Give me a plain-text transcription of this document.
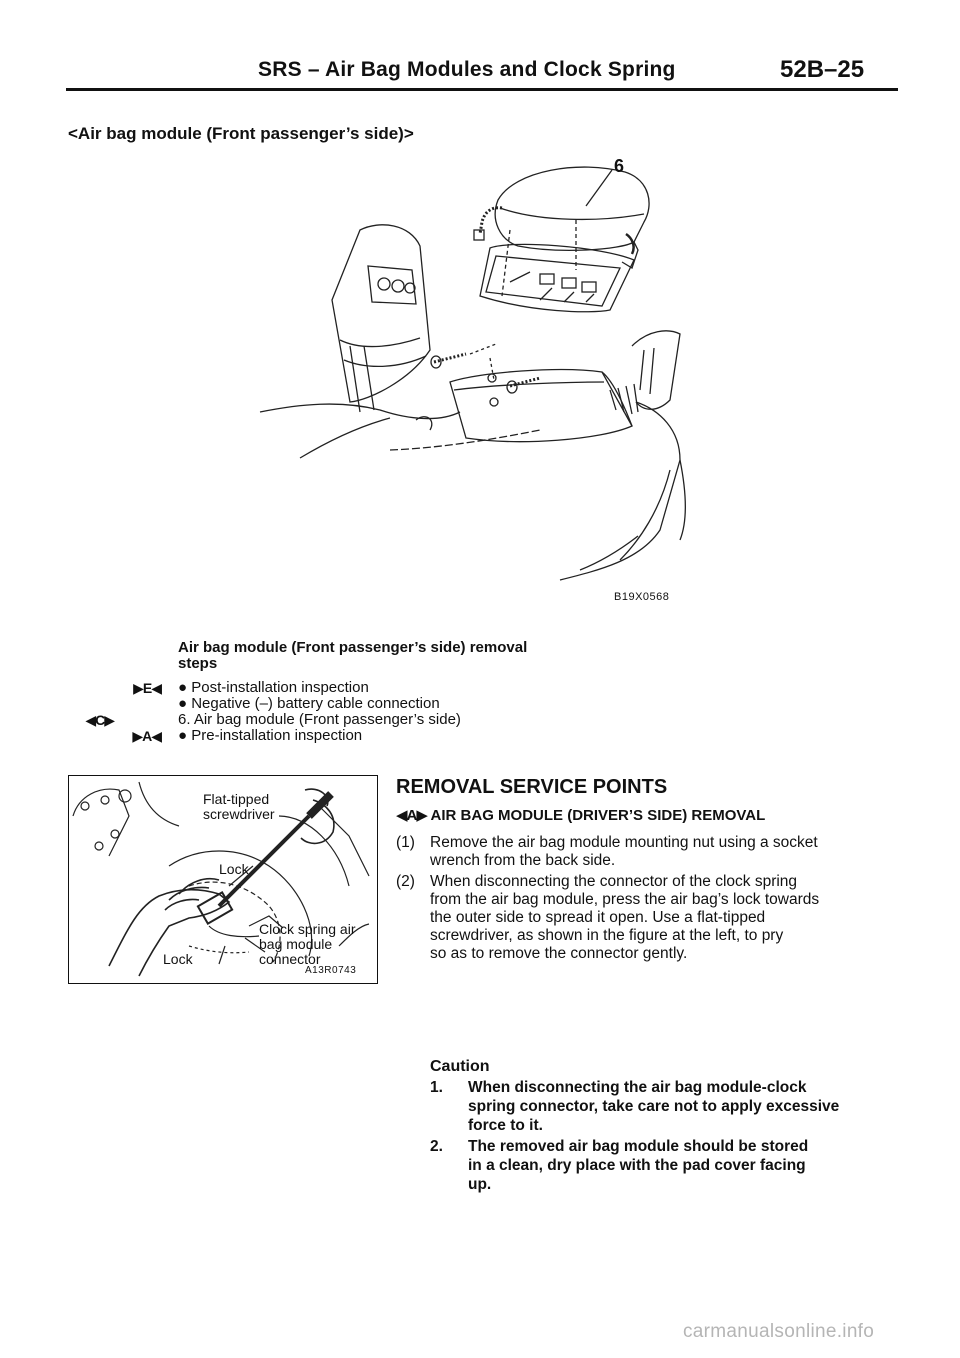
SRS – Air Bag Modules and Clock Spring	52B–25
<Air bag module (Front passenger’s side)>
6
B19X0568
Air bag module (Front passenger’s side) removal steps
▶E◀ ● Post-installation inspection
● Negative (–) battery cable connection
◀C▶	6. Air bag module (Front passenger’s side)
▶A◀ ● Pre-installation inspection
Flat-tipped
screwdriver
Lock
Clock spring air
bag module
connector
Lock
A13R0743
REMOVAL SERVICE POINTS
◀A▶ AIR BAG MODULE (DRIVER’S SIDE) REMOVAL
(1) Remove the air bag module mounting nut using a socket
wrench from the back side.
(2) When disconnecting the connector of the clock spring
from the air bag module, press the air bag’s lock towards
the outer side to spread it open. Use a flat-tipped
screwdriver, as shown in the figure at the left, to pry
so as to remove the connector gently.
Caution
1. When disconnecting the air bag module-clock
spring connector, take care not to apply excessive
force to it.
2. The removed air bag module should be stored
in a clean, dry place with the pad cover facing
up.
carmanualsonline.info
